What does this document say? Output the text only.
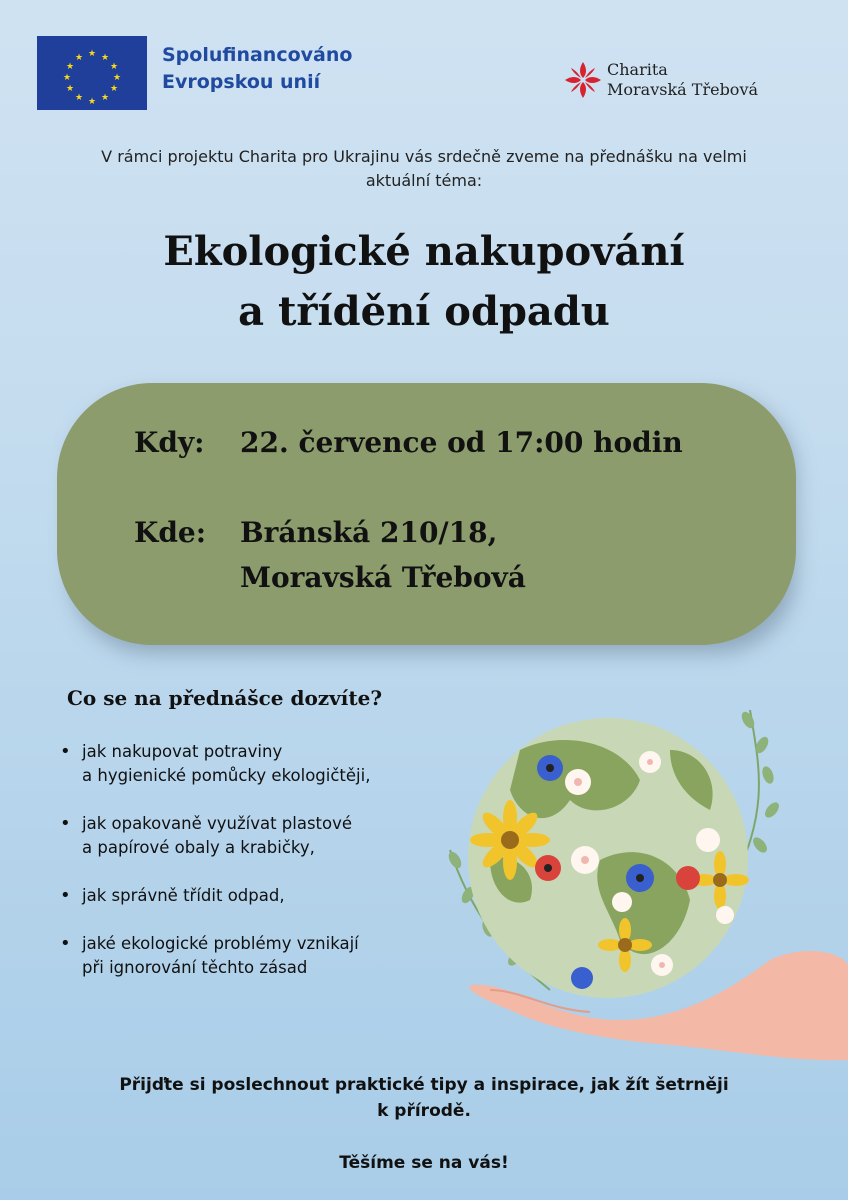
★ ★
★
★
★
★
★
★
★
★
★
★	Spolufinancováno
Evropskou unií
Charita
Moravská Třebová
V rámci projektu Charita pro Ukrajinu vás srdečně zveme na přednášku na velmi
aktuální téma:
Ekologické nakupování
a třídění odpadu
Kdy: 22. července od 17:00 hodin
Kde: Bránská 210/18,
Moravská Třebová
Co se na přednášce dozvíte?
• jak nakupovat potraviny
a hygienické pomůcky ekologičtěji,
• jak opakovaně využívat plastové
a papírové obaly a krabičky,
• jak správně třídit odpad,
• jaké ekologické problémy vznikají
při ignorování těchto zásad
Přijďte si poslechnout praktické tipy a inspirace, jak žít šetrněji
k přírodě.
Těšíme se na vás!
